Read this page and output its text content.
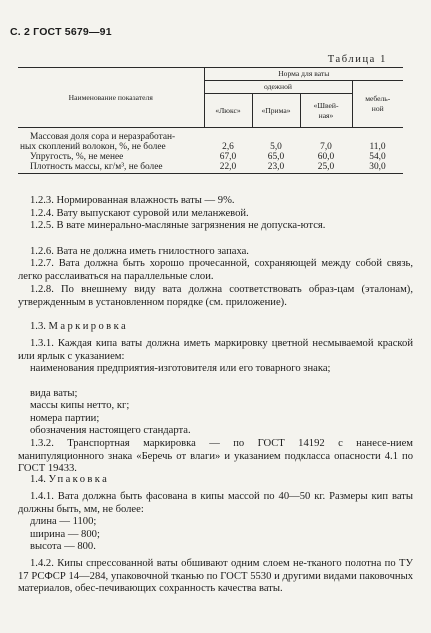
С. 2 ГОСТ 5679—91
Таблица 1
Наименование показателя	Норма для ваты			
	одежной			мебель-
ной
	«Люкс»	«Прима»	«Швей-
ная»	
Массовая доля сора и неразработан-
ных скоплений волокон, %, не более	2,6	5,0	7,0	11,0
Упругость, %, не менее	67,0	65,0	60,0	54,0
Плотность массы, кг/м³, не более	22,0	23,0	25,0	30,0
1.2.3. Нормированная влажность ваты — 9%.
1.2.4. Вату выпускают суровой или меланжевой.
1.2.5. В вате минерально-масляные загрязнения не допуска-ются.
1.2.6. Вата не должна иметь гнилостного запаха.
1.2.7. Вата должна быть хорошо прочесанной, сохраняющей между собой связь, легко расслаиваться на параллельные слои.
1.2.8. По внешнему виду вата должна соответствовать образ-цам (эталонам), утвержденным в установленном порядке (см. приложение).
1.3. Маркировка
1.3.1. Каждая кипа ваты должна иметь маркировку цветной несмываемой краской или ярлык с указанием:
наименования предприятия-изготовителя или его товарного знака;
вида ваты;
массы кипы нетто, кг;
номера партии;
обозначения настоящего стандарта.
1.3.2. Транспортная маркировка — по ГОСТ 14192 с нанесе-нием манипуляционного знака «Беречь от влаги» и указанием подкласса опасности 4.1 по ГОСТ 19433.
1.4. Упаковка
1.4.1. Вата должна быть фасована в кипы массой по 40—50 кг. Размеры кип ваты должны быть, мм, не более:
длина — 1100;
ширина — 800;
высота — 800.
1.4.2. Кипы спрессованной ваты обшивают одним слоем не-тканого полотна по ТУ 17 РСФСР 14—284, упаковочной тканью по ГОСТ 5530 и другими видами паковочных материалов, обес-печивающих сохранность качества ваты.
